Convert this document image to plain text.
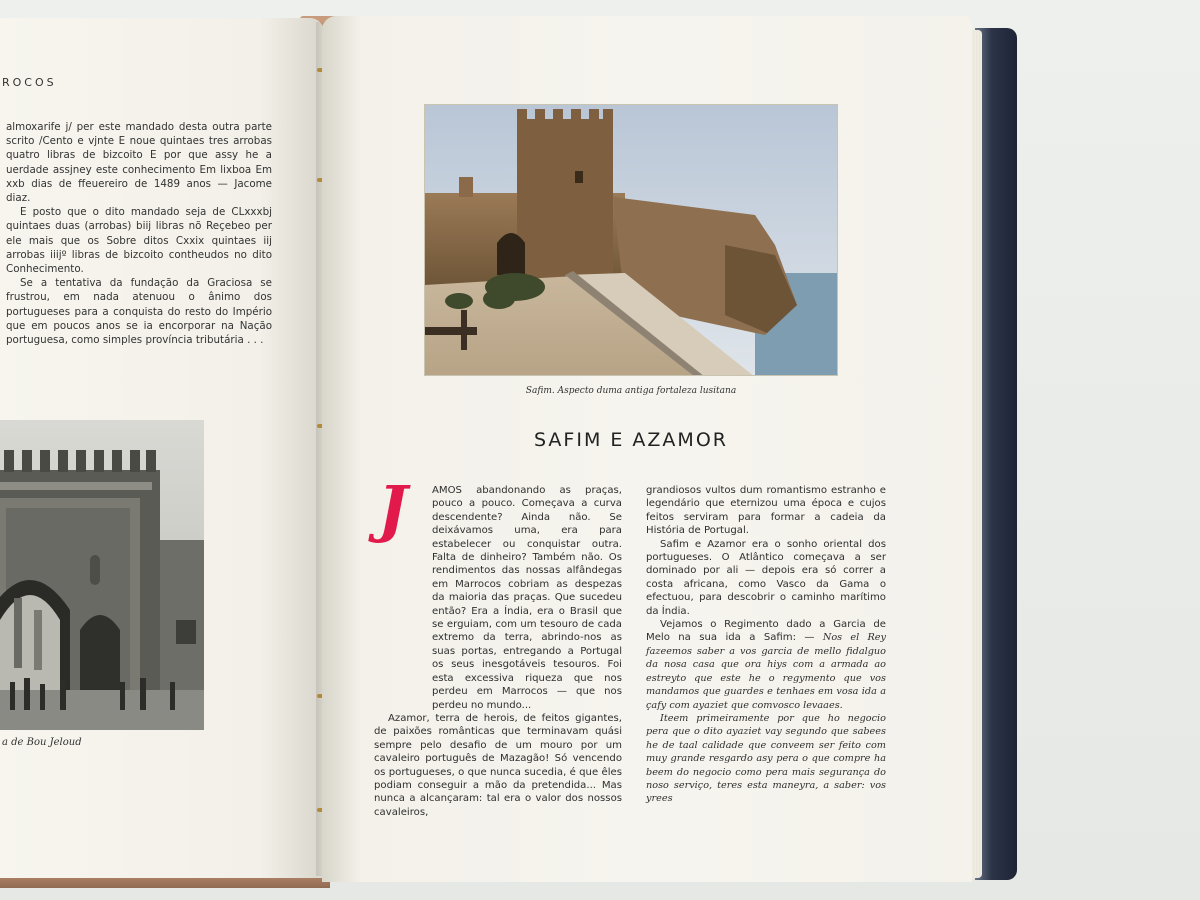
ROCOS

almoxarife j/ per este mandado desta outra parte scrito /Cento e vjnte E noue quintaes tres arrobas quatro libras de bizcoito E por que assy he a uerdade assjney este conhecimento Em lixboa Em xxb dias de ffeuereiro de 1489 anos — Jacome diaz.

E posto que o dito mandado seja de CLxxxbj quintaes duas (arrobas) biij libras nõ Reçebeo per ele mais que os Sobre ditos Cxxix quintaes iij arrobas iiijº libras de bizcoito contheudos no dito Conhecimento.

Se a tentativa da fundação da Graciosa se frustrou, em nada atenuou o ânimo dos portugueses para a conquista do resto do Império que em poucos anos se ia encorporar na Nação portuguesa, como simples província tributária . . .

a de Bou Jeloud
Safim. Aspecto duma antiga fortaleza lusitana
SAFIM E AZAMOR
J	AMOS abandonando as praças, pouco a pouco. Começava a curva descendente? Ainda não. Se deixávamos uma, era para estabelecer ou conquistar outra. Falta de dinheiro? Também não. Os rendimentos das nossas alfândegas em Marrocos cobriam as despezas da maioria das praças. Que sucedeu então? Era a Índia, era o Brasil que se erguiam, com um tesouro de cada extremo da terra, abrindo-nos as suas portas, entregando a Portugal os seus inesgotáveis tesouros. Foi esta excessiva riqueza que nos perdeu em Marrocos — que nos perdeu no mundo...

Azamor, terra de herois, de feitos gigantes, de paixões românticas que terminavam quási sempre pelo desafio de um mouro por um cavaleiro português de Mazagão! Só vencendo os portugueses, o que nunca sucedia, é que êles podiam conseguir a mão da pretendida... Mas nunca a alcançaram: tal era o valor dos nossos cavaleiros,

grandiosos vultos dum romantismo estranho e legendário que eternizou uma época e cujos feitos serviram para formar a cadeia da História de Portugal.

Safim e Azamor era o sonho oriental dos portugueses. O Atlântico começava a ser dominado por ali — depois era só correr a costa africana, como Vasco da Gama o efectuou, para descobrir o caminho marítimo da Índia.

Vejamos o Regimento dado a Garcia de Melo na sua ida a Safim: — Nos el Rey fazeemos saber a vos garcia de mello fidalguo da nosa casa que ora hiys com a armada ao estreyto que este he o regymento que vos mandamos que guardes e tenhaes em vosa ida a çafy com ayaziet que comvosco levaaes.

Iteem primeiramente por que ho negocio pera que o dito ayaziet vay segundo que sabees he de taal calidade que conveem ser feito com muy grande resgardo asy pera o que compre ha beem do negocio como pera mais segurança do noso serviço, teres esta maneyra, a saber: vos yrees
